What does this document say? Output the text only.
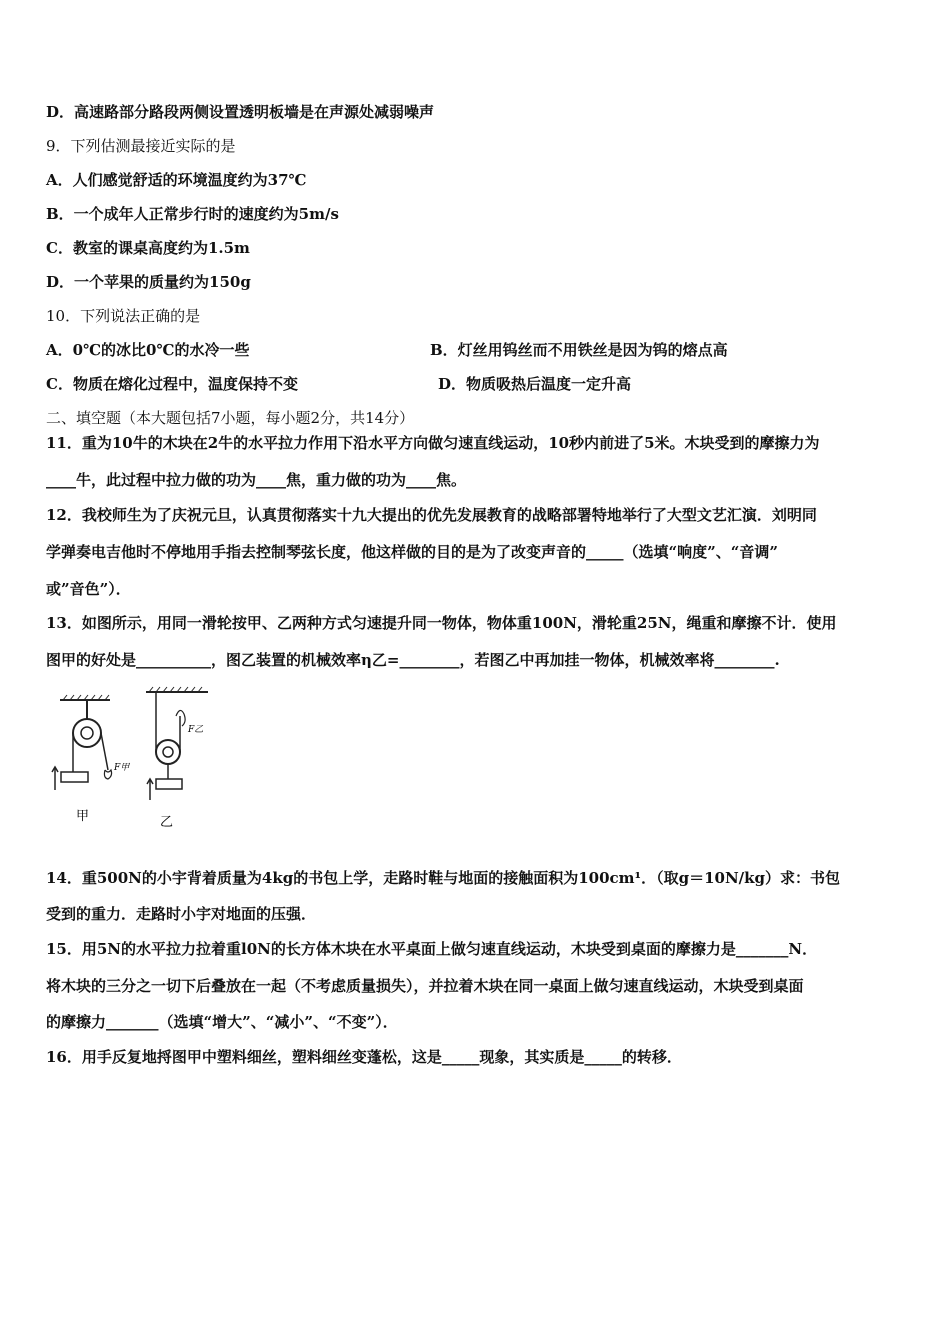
D．高速路部分路段两侧设置透明板墙是在声源处减弱噪声
9．下列估测最接近实际的是
A．人们感觉舒适的环境温度约为37℃
B．一个成年人正常步行时的速度约为5m/s
C．教室的课桌高度约为1.5m
D．一个苹果的质量约为150g
10．下列说法正确的是
A．0℃的冰比0℃的水冷一些	B．灯丝用钨丝而不用铁丝是因为钨的熔点高
C．物质在熔化过程中，温度保持不变	D．物质吸热后温度一定升高
二、填空题（本大题包括7小题，每小题2分，共14分）
11．重为10牛的木块在2牛的水平拉力作用下沿水平方向做匀速直线运动，10秒内前进了5米。木块受到的摩擦力为
____牛，此过程中拉力做的功为____焦，重力做的功为____焦。
12．我校师生为了庆祝元旦，认真贯彻落实十九大提出的优先发展教育的战略部署特地举行了大型文艺汇演．刘明同
学弹奏电吉他时不停地用手指去控制琴弦长度，他这样做的目的是为了改变声音的_____（选填“响度”、“音调”
或”音色”）．
13．如图所示，用同一滑轮按甲、乙两种方式匀速提升同一物体，物体重100N，滑轮重25N，绳重和摩擦不计．使用
图甲的好处是__________，图乙装置的机械效率η乙=________，若图乙中再加挂一物体，机械效率将________.
F甲
甲
F乙
乙
14．重500N的小宇背着质量为4kg的书包上学，走路时鞋与地面的接触面积为100cm¹．（取g＝10N/kg）求：书包
受到的重力．走路时小宇对地面的压强．
15．用5N的水平拉力拉着重l0N的长方体木块在水平桌面上做匀速直线运动，木块受到桌面的摩擦力是_______N．
将木块的三分之一切下后叠放在一起（不考虑质量损失），并拉着木块在同一桌面上做匀速直线运动，木块受到桌面
的摩擦力_______（选填“增大”、“减小”、“不变”）．
16．用手反复地捋图甲中塑料细丝，塑料细丝变蓬松，这是_____现象，其实质是_____的转移．
